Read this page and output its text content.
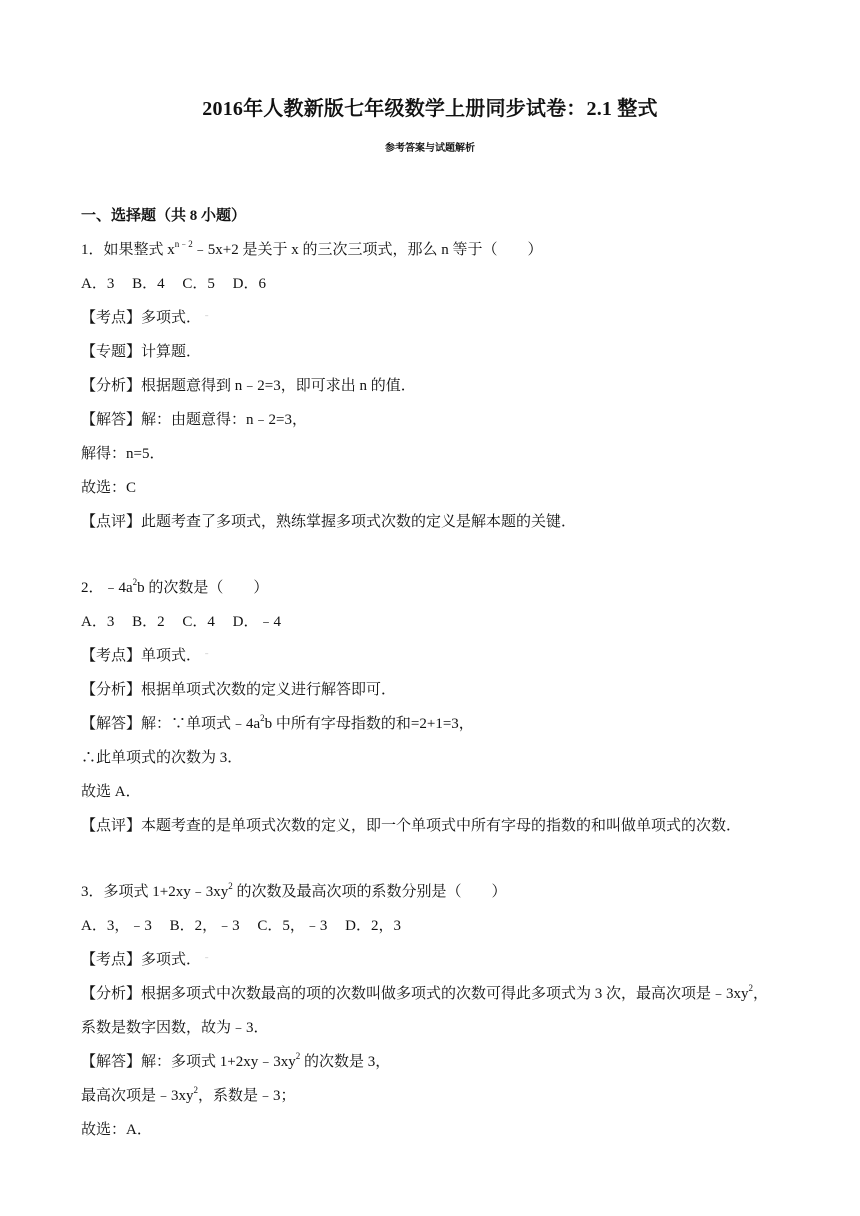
2016年人教新版七年级数学上册同步试卷：2.1 整式
参考答案与试题解析
一、选择题（共 8 小题）
1．如果整式 $x^{n﹣2}﹣5x+2$ 是关于 x 的三次三项式，那么 n 等于（　　）
A．3 B．4 C．5 D．6
【考点】多项式． ˉ
【专题】计算题．
【分析】根据题意得到 n﹣2=3，即可求出 n 的值．
【解答】解：由题意得：n﹣2=3，
解得：n=5．
故选：C
【点评】此题考查了多项式，熟练掌握多项式次数的定义是解本题的关键．
2．$﹣4a^2b$ 的次数是（　　）
A．3 B．2 C．4 D．﹣4
【考点】单项式． ˉ
【分析】根据单项式次数的定义进行解答即可．
【解答】解：∵单项式$﹣4a^2b$ 中所有字母指数的和=2+1=3，
∴此单项式的次数为 3．
故选 A．
【点评】本题考查的是单项式次数的定义，即一个单项式中所有字母的指数的和叫做单项式的次数．
3．多项式 $1+2xy﹣3xy^2$ 的次数及最高次项的系数分别是（　　）
A．3，﹣3 B．2，﹣3 C．5，﹣3 D．2，3
【考点】多项式． ˉ
【分析】根据多项式中次数最高的项的次数叫做多项式的次数可得此多项式为 3 次，最高次项是$﹣3xy^2$，
系数是数字因数，故为﹣3．
【解答】解：多项式 $1+2xy﹣3xy^2$ 的次数是 3，
最高次项是$﹣3xy^2$，系数是﹣3；
故选：A．
